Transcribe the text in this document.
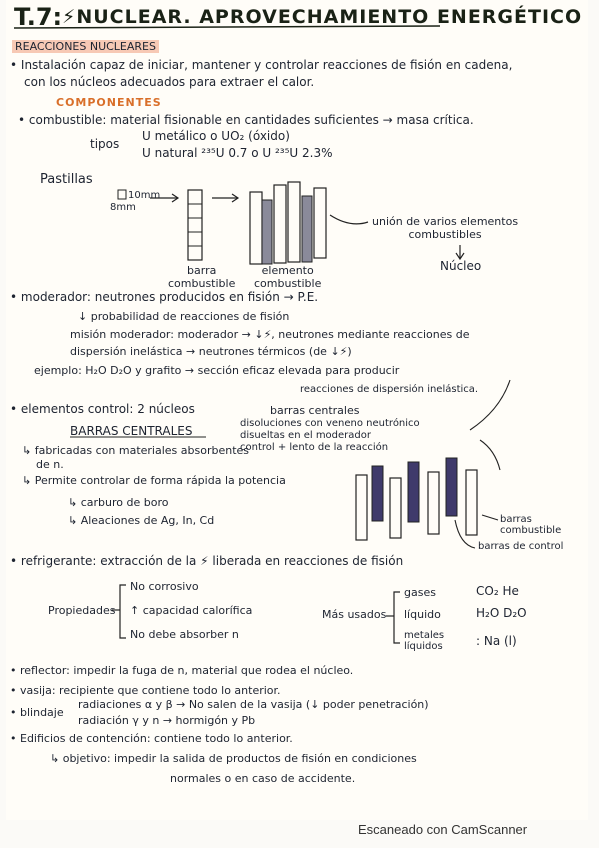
T.7: ⚡NUCLEAR. APROVECHAMIENTO ENERGÉTICO
REACCIONES NUCLEARES
• Instalación capaz de iniciar, mantener y controlar reacciones de fisión en cadena,
con los núcleos adecuados para extraer el calor.
COMPONENTES
• combustible: material fisionable en cantidades suficientes → masa crítica.
tipos
U metálico o UO₂ (óxido)
U natural ²³⁵U 0.7 o U ²³⁵U 2.3%
Pastillas
10mm
8mm
barra
combustible
elemento
combustible
unión de varios elementos
combustibles
Núcleo
• moderador: neutrones producidos en fisión → P.E.
↓ probabilidad de reacciones de fisión
misión moderador: moderador → ↓⚡, neutrones mediante reacciones de
dispersión inelástica → neutrones térmicos (de ↓⚡)
ejemplo: H₂O D₂O y grafito → sección eficaz elevada para producir
reacciones de dispersión inelástica.
• elementos control: 2 núcleos	barras centrales
disoluciones con veneno neutrónico
disueltas en el moderador
control + lento de la reacción
BARRAS CENTRALES
↳ fabricadas con materiales absorbentes
de n.
↳ Permite controlar de forma rápida la potencia
↳ carburo de boro
↳ Aleaciones de Ag, In, Cd	barras
combustible
barras de control
• refrigerante: extracción de la ⚡ liberada en reacciones de fisión
Propiedades
No corrosivo
↑ capacidad calorífica
No debe absorber n
Más usados
gases	CO₂ He
líquido	H₂O D₂O
metales
líquidos	: Na (l)
• reflector: impedir la fuga de n, material que rodea el núcleo.
• vasija: recipiente que contiene todo lo anterior.
• blindaje
radiaciones α y β → No salen de la vasija (↓ poder penetración)
radiación γ y n → hormigón y Pb
• Edificios de contención: contiene todo lo anterior.
↳ objetivo: impedir la salida de productos de fisión en condiciones
normales o en caso de accidente.
Escaneado con CamScanner
